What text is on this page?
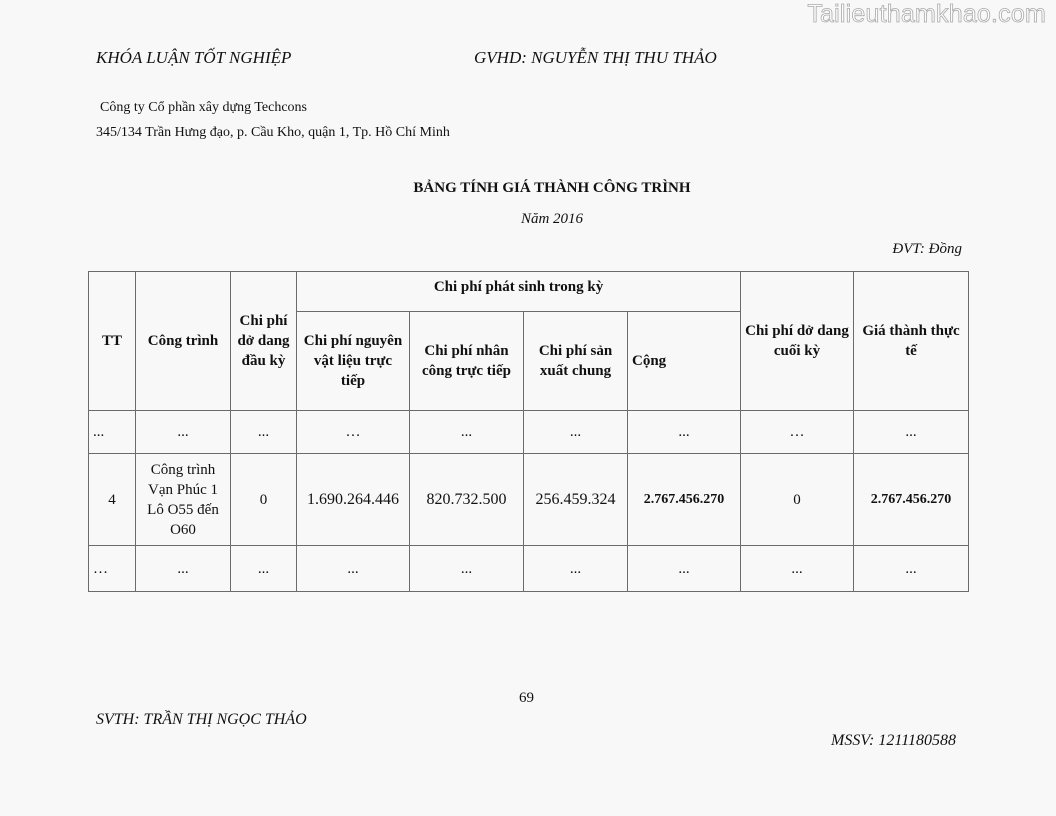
Tailieuthamkhao.com
KHÓA LUẬN TỐT NGHIỆP	GVHD: NGUYỄN THỊ THU THẢO
Công ty Cổ phần xây dựng Techcons
345/134 Trần Hưng đạo, p. Cầu Kho, quận 1, Tp. Hồ Chí Minh
BẢNG TÍNH GIÁ THÀNH CÔNG TRÌNH
Năm 2016
ĐVT: Đồng
TT	Công trình	Chi phí dở dang đầu kỳ	Chi phí phát sinh trong kỳ				Chi phí dở dang cuối kỳ	Giá thành thực tế
			Chi phí nguyên vật liệu trực tiếp	Chi phí nhân công trực tiếp	Chi phí sản xuất chung	Cộng		
...	...	...	…	...	...	...	…	...
4	Công trình Vạn Phúc 1 Lô O55 đến O60	0	1.690.264.446	820.732.500	256.459.324	2.767.456.270	0	2.767.456.270
…	...	...	...	...	...	...	...	...
69
SVTH: TRẦN THỊ NGỌC THẢO
MSSV: 1211180588
